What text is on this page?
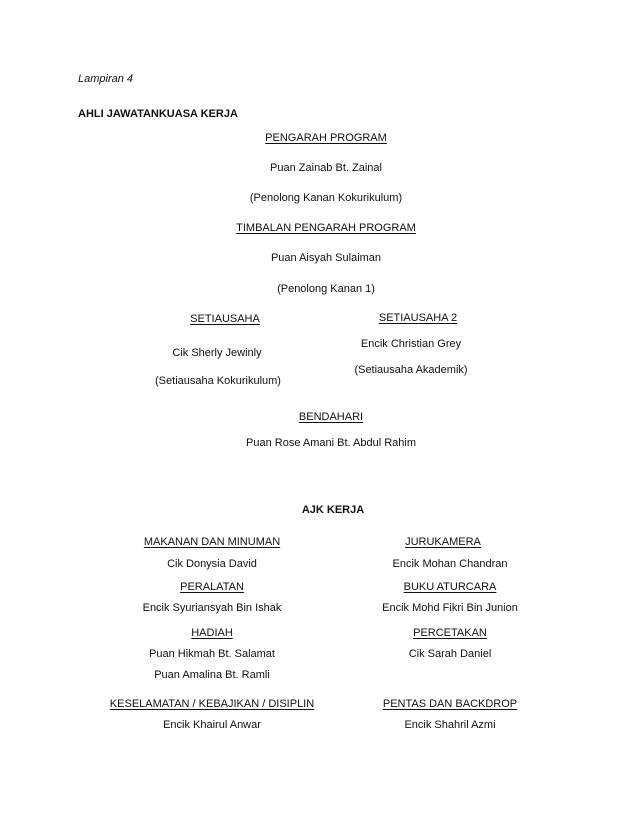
Lampiran 4
AHLI JAWATANKUASA KERJA
PENGARAH PROGRAM
Puan Zainab Bt. Zainal
(Penolong Kanan Kokurikulum)
TIMBALAN PENGARAH PROGRAM
Puan Aisyah Sulaiman
(Penolong Kanan 1)
SETIAUSAHA
Cik Sherly Jewinly
(Setiausaha Kokurikulum)
SETIAUSAHA 2
Encik Christian Grey
(Setiausaha Akademik)
BENDAHARI
Puan Rose Amani Bt. Abdul Rahim
AJK KERJA
MAKANAN DAN MINUMAN
Cik Donysia David
JURUKAMERA
Encik Mohan Chandran
PERALATAN
Encik Syuriansyah Bin Ishak
BUKU ATURCARA
Encik Mohd Fikri Bin Junion
HADIAH
Puan Hikmah Bt. Salamat
Puan Amalina Bt. Ramli
PERCETAKAN
Cik Sarah Daniel
KESELAMATAN / KEBAJIKAN / DISIPLIN
Encik Khairul Anwar
PENTAS DAN BACKDROP
Encik Shahril Azmi
